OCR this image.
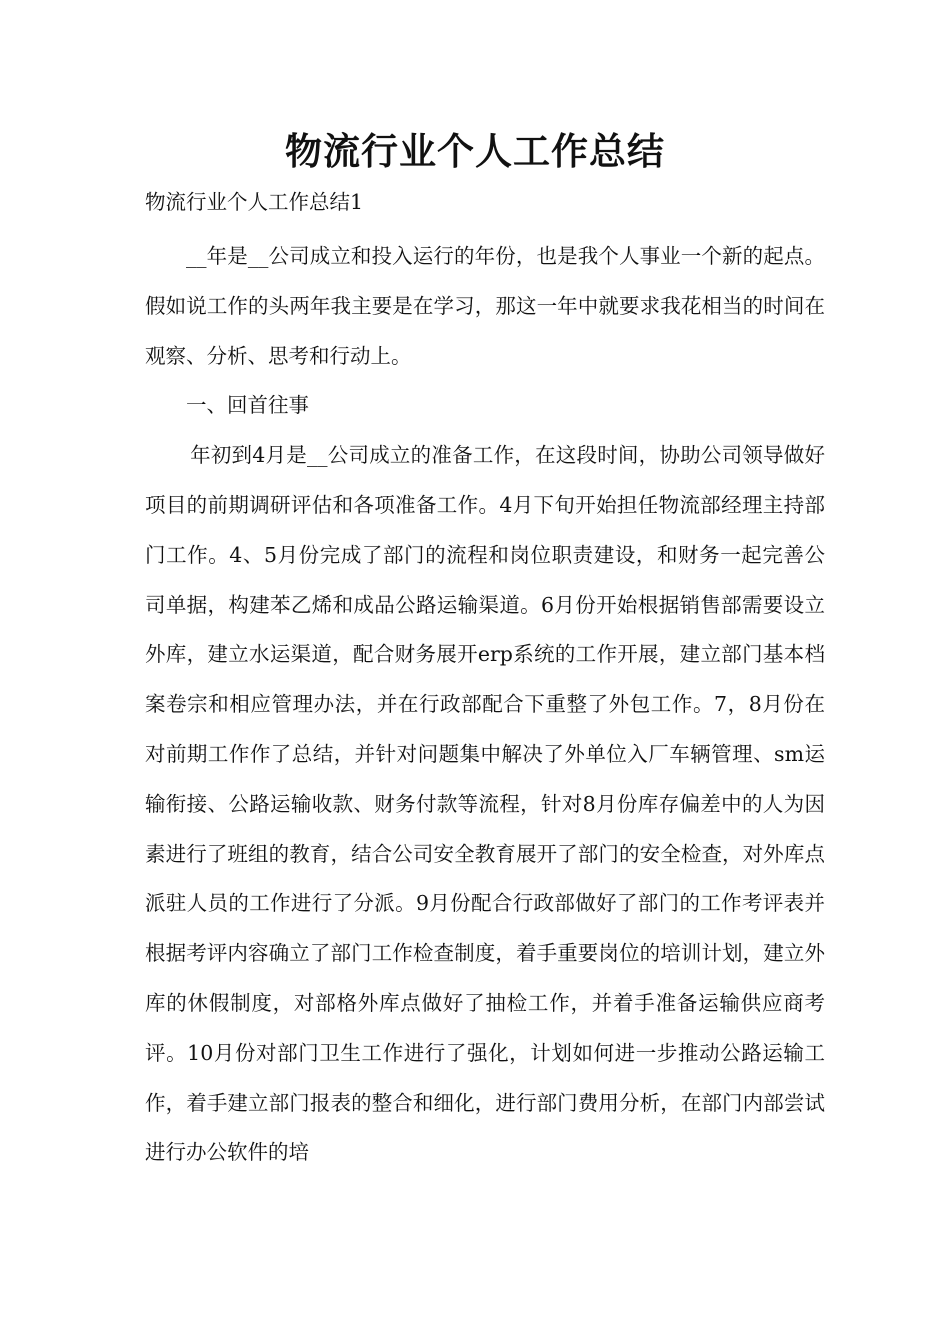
物流行业个人工作总结
物流行业个人工作总结1

__年是__公司成立和投入运行的年份，也是我个人事业一个新的起点。假如说工作的头两年我主要是在学习，那这一年中就要求我花相当的时间在观察、分析、思考和行动上。

一、回首往事

年初到4月是__公司成立的准备工作，在这段时间，协助公司领导做好项目的前期调研评估和各项准备工作。4月下旬开始担任物流部经理主持部门工作。4、5月份完成了部门的流程和岗位职责建设，和财务一起完善公司单据，构建苯乙烯和成品公路运输渠道。6月份开始根据销售部需要设立外库，建立水运渠道，配合财务展开erp系统的工作开展，建立部门基本档案卷宗和相应管理办法，并在行政部配合下重整了外包工作。7，8月份在对前期工作作了总结，并针对问题集中解决了外单位入厂车辆管理、sm运输衔接、公路运输收款、财务付款等流程，针对8月份库存偏差中的人为因素进行了班组的教育，结合公司安全教育展开了部门的安全检查，对外库点派驻人员的工作进行了分派。9月份配合行政部做好了部门的工作考评表并根据考评内容确立了部门工作检查制度，着手重要岗位的培训计划，建立外库的休假制度，对部格外库点做好了抽检工作，并着手准备运输供应商考评。10月份对部门卫生工作进行了强化，计划如何进一步推动公路运输工作，着手建立部门报表的整合和细化，进行部门费用分析，在部门内部尝试进行办公软件的培
